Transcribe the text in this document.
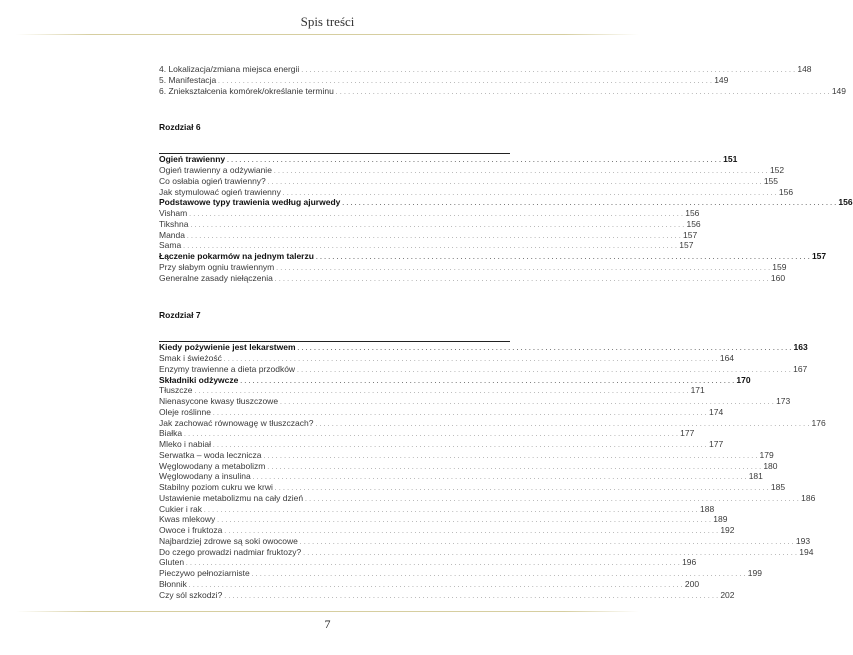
Spis treści
4. Lokalizacja/zmiana miejsca energii . . . . . . . . . . . . . . . . . . . . . . . . . . . . . . . . . . . . . . . . . . . . . . . . . . . . . . . . . . . . . . . . . . . . . . . . . . . . . . . . . . . . . . . . . . . . . . . . . . . . . . . . . . . . . . . . . . . . . . . . 148
5. Manifestacja . . . . . . . . . . . . . . . . . . . . . . . . . . . . . . . . . . . . . . . . . . . . . . . . . . . . . . . . . . . . . . . . . . . . . . . . . . . . . . . . . . . . . . . . . . . . . . . . . . . . . . . . . . . . . . . . . . . . . . . . 149
6. Zniekształcenia komórek/określanie terminu . . . . . . . . . . . . . . . . . . . . . . . . . . . . . . . . . . . . . . . . . . . . . . . . . . . . . . . . . . . . . . . . . . . . . . . . . . . . . . . . . . . . . . . . . . . . . . . . . . . . . . . . . . . . . . . . . . . . . . . . 149
Rozdział 6
Ogień trawienny . . . . . . . . . . . . . . . . . . . . . . . . . . . . . . . . . . . . . . . . . . . . . . . . . . . . . . . . . . . . . . . . . . . . . . . . . . . . . . . . . . . . . . . . . . . . . . . . . . . . . . . . . . . . . . . . . . . . . . . . 151
Ogień trawienny a odżywianie . . . . . . . . . . . . . . . . . . . . . . . . . . . . . . . . . . . . . . . . . . . . . . . . . . . . . . . . . . . . . . . . . . . . . . . . . . . . . . . . . . . . . . . . . . . . . . . . . . . . . . . . . . . . . . . . . . . . . . . . 152
Co osłabia ogień trawienny? . . . . . . . . . . . . . . . . . . . . . . . . . . . . . . . . . . . . . . . . . . . . . . . . . . . . . . . . . . . . . . . . . . . . . . . . . . . . . . . . . . . . . . . . . . . . . . . . . . . . . . . . . . . . . . . . . . . . . . . . 155
Jak stymulować ogień trawienny . . . . . . . . . . . . . . . . . . . . . . . . . . . . . . . . . . . . . . . . . . . . . . . . . . . . . . . . . . . . . . . . . . . . . . . . . . . . . . . . . . . . . . . . . . . . . . . . . . . . . . . . . . . . . . . . . . . . . . . . 156
Podstawowe typy trawienia według ajurwedy . . . . . . . . . . . . . . . . . . . . . . . . . . . . . . . . . . . . . . . . . . . . . . . . . . . . . . . . . . . . . . . . . . . . . . . . . . . . . . . . . . . . . . . . . . . . . . . . . . . . . . . . . . . . . . . . . . . . . . . . 156
Visham . . . . . . . . . . . . . . . . . . . . . . . . . . . . . . . . . . . . . . . . . . . . . . . . . . . . . . . . . . . . . . . . . . . . . . . . . . . . . . . . . . . . . . . . . . . . . . . . . . . . . . . . . . . . . . . . . . . . . . . . 156
Tikshna . . . . . . . . . . . . . . . . . . . . . . . . . . . . . . . . . . . . . . . . . . . . . . . . . . . . . . . . . . . . . . . . . . . . . . . . . . . . . . . . . . . . . . . . . . . . . . . . . . . . . . . . . . . . . . . . . . . . . . . . 156
Manda . . . . . . . . . . . . . . . . . . . . . . . . . . . . . . . . . . . . . . . . . . . . . . . . . . . . . . . . . . . . . . . . . . . . . . . . . . . . . . . . . . . . . . . . . . . . . . . . . . . . . . . . . . . . . . . . . . . . . . . . 157
Sama . . . . . . . . . . . . . . . . . . . . . . . . . . . . . . . . . . . . . . . . . . . . . . . . . . . . . . . . . . . . . . . . . . . . . . . . . . . . . . . . . . . . . . . . . . . . . . . . . . . . . . . . . . . . . . . . . . . . . . . . 157
Łączenie pokarmów na jednym talerzu . . . . . . . . . . . . . . . . . . . . . . . . . . . . . . . . . . . . . . . . . . . . . . . . . . . . . . . . . . . . . . . . . . . . . . . . . . . . . . . . . . . . . . . . . . . . . . . . . . . . . . . . . . . . . . . . . . . . . . . . 157
Przy słabym ogniu trawiennym . . . . . . . . . . . . . . . . . . . . . . . . . . . . . . . . . . . . . . . . . . . . . . . . . . . . . . . . . . . . . . . . . . . . . . . . . . . . . . . . . . . . . . . . . . . . . . . . . . . . . . . . . . . . . . . . . . . . . . . . 159
Generalne zasady niełączenia . . . . . . . . . . . . . . . . . . . . . . . . . . . . . . . . . . . . . . . . . . . . . . . . . . . . . . . . . . . . . . . . . . . . . . . . . . . . . . . . . . . . . . . . . . . . . . . . . . . . . . . . . . . . . . . . . . . . . . . . 160
Rozdział 7
Kiedy pożywienie jest lekarstwem . . . . . . . . . . . . . . . . . . . . . . . . . . . . . . . . . . . . . . . . . . . . . . . . . . . . . . . . . . . . . . . . . . . . . . . . . . . . . . . . . . . . . . . . . . . . . . . . . . . . . . . . . . . . . . . . . . . . . . . . 163
Smak i świeżość . . . . . . . . . . . . . . . . . . . . . . . . . . . . . . . . . . . . . . . . . . . . . . . . . . . . . . . . . . . . . . . . . . . . . . . . . . . . . . . . . . . . . . . . . . . . . . . . . . . . . . . . . . . . . . . . . . . . . . . . 164
Enzymy trawienne a dieta przodków . . . . . . . . . . . . . . . . . . . . . . . . . . . . . . . . . . . . . . . . . . . . . . . . . . . . . . . . . . . . . . . . . . . . . . . . . . . . . . . . . . . . . . . . . . . . . . . . . . . . . . . . . . . . . . . . . . . . . . . . 167
Składniki odżywcze . . . . . . . . . . . . . . . . . . . . . . . . . . . . . . . . . . . . . . . . . . . . . . . . . . . . . . . . . . . . . . . . . . . . . . . . . . . . . . . . . . . . . . . . . . . . . . . . . . . . . . . . . . . . . . . . . . . . . . . . 170
Tłuszcze . . . . . . . . . . . . . . . . . . . . . . . . . . . . . . . . . . . . . . . . . . . . . . . . . . . . . . . . . . . . . . . . . . . . . . . . . . . . . . . . . . . . . . . . . . . . . . . . . . . . . . . . . . . . . . . . . . . . . . . . 171
Nienasycone kwasy tłuszczowe . . . . . . . . . . . . . . . . . . . . . . . . . . . . . . . . . . . . . . . . . . . . . . . . . . . . . . . . . . . . . . . . . . . . . . . . . . . . . . . . . . . . . . . . . . . . . . . . . . . . . . . . . . . . . . . . . . . . . . . . 173
Oleje roślinne . . . . . . . . . . . . . . . . . . . . . . . . . . . . . . . . . . . . . . . . . . . . . . . . . . . . . . . . . . . . . . . . . . . . . . . . . . . . . . . . . . . . . . . . . . . . . . . . . . . . . . . . . . . . . . . . . . . . . . . . 174
Jak zachować równowagę w tłuszczach? . . . . . . . . . . . . . . . . . . . . . . . . . . . . . . . . . . . . . . . . . . . . . . . . . . . . . . . . . . . . . . . . . . . . . . . . . . . . . . . . . . . . . . . . . . . . . . . . . . . . . . . . . . . . . . . . . . . . . . . . 176
Białka . . . . . . . . . . . . . . . . . . . . . . . . . . . . . . . . . . . . . . . . . . . . . . . . . . . . . . . . . . . . . . . . . . . . . . . . . . . . . . . . . . . . . . . . . . . . . . . . . . . . . . . . . . . . . . . . . . . . . . . . 177
Mleko i nabiał . . . . . . . . . . . . . . . . . . . . . . . . . . . . . . . . . . . . . . . . . . . . . . . . . . . . . . . . . . . . . . . . . . . . . . . . . . . . . . . . . . . . . . . . . . . . . . . . . . . . . . . . . . . . . . . . . . . . . . . . 177
Serwatka – woda lecznicza . . . . . . . . . . . . . . . . . . . . . . . . . . . . . . . . . . . . . . . . . . . . . . . . . . . . . . . . . . . . . . . . . . . . . . . . . . . . . . . . . . . . . . . . . . . . . . . . . . . . . . . . . . . . . . . . . . . . . . . . 179
Węglowodany a metabolizm . . . . . . . . . . . . . . . . . . . . . . . . . . . . . . . . . . . . . . . . . . . . . . . . . . . . . . . . . . . . . . . . . . . . . . . . . . . . . . . . . . . . . . . . . . . . . . . . . . . . . . . . . . . . . . . . . . . . . . . . 180
Węglowodany a insulina . . . . . . . . . . . . . . . . . . . . . . . . . . . . . . . . . . . . . . . . . . . . . . . . . . . . . . . . . . . . . . . . . . . . . . . . . . . . . . . . . . . . . . . . . . . . . . . . . . . . . . . . . . . . . . . . . . . . . . . . 181
Stabilny poziom cukru we krwi . . . . . . . . . . . . . . . . . . . . . . . . . . . . . . . . . . . . . . . . . . . . . . . . . . . . . . . . . . . . . . . . . . . . . . . . . . . . . . . . . . . . . . . . . . . . . . . . . . . . . . . . . . . . . . . . . . . . . . . . 185
Ustawienie metabolizmu na cały dzień . . . . . . . . . . . . . . . . . . . . . . . . . . . . . . . . . . . . . . . . . . . . . . . . . . . . . . . . . . . . . . . . . . . . . . . . . . . . . . . . . . . . . . . . . . . . . . . . . . . . . . . . . . . . . . . . . . . . . . . . 186
Cukier i rak . . . . . . . . . . . . . . . . . . . . . . . . . . . . . . . . . . . . . . . . . . . . . . . . . . . . . . . . . . . . . . . . . . . . . . . . . . . . . . . . . . . . . . . . . . . . . . . . . . . . . . . . . . . . . . . . . . . . . . . . 188
Kwas mlekowy . . . . . . . . . . . . . . . . . . . . . . . . . . . . . . . . . . . . . . . . . . . . . . . . . . . . . . . . . . . . . . . . . . . . . . . . . . . . . . . . . . . . . . . . . . . . . . . . . . . . . . . . . . . . . . . . . . . . . . . . 189
Owoce i fruktoza . . . . . . . . . . . . . . . . . . . . . . . . . . . . . . . . . . . . . . . . . . . . . . . . . . . . . . . . . . . . . . . . . . . . . . . . . . . . . . . . . . . . . . . . . . . . . . . . . . . . . . . . . . . . . . . . . . . . . . . . 192
Najbardziej zdrowe są soki owocowe . . . . . . . . . . . . . . . . . . . . . . . . . . . . . . . . . . . . . . . . . . . . . . . . . . . . . . . . . . . . . . . . . . . . . . . . . . . . . . . . . . . . . . . . . . . . . . . . . . . . . . . . . . . . . . . . . . . . . . . . 193
Do czego prowadzi nadmiar fruktozy? . . . . . . . . . . . . . . . . . . . . . . . . . . . . . . . . . . . . . . . . . . . . . . . . . . . . . . . . . . . . . . . . . . . . . . . . . . . . . . . . . . . . . . . . . . . . . . . . . . . . . . . . . . . . . . . . . . . . . . . . 194
Gluten . . . . . . . . . . . . . . . . . . . . . . . . . . . . . . . . . . . . . . . . . . . . . . . . . . . . . . . . . . . . . . . . . . . . . . . . . . . . . . . . . . . . . . . . . . . . . . . . . . . . . . . . . . . . . . . . . . . . . . . . 196
Pieczywo pełnoziarniste . . . . . . . . . . . . . . . . . . . . . . . . . . . . . . . . . . . . . . . . . . . . . . . . . . . . . . . . . . . . . . . . . . . . . . . . . . . . . . . . . . . . . . . . . . . . . . . . . . . . . . . . . . . . . . . . . . . . . . . . 199
Błonnik . . . . . . . . . . . . . . . . . . . . . . . . . . . . . . . . . . . . . . . . . . . . . . . . . . . . . . . . . . . . . . . . . . . . . . . . . . . . . . . . . . . . . . . . . . . . . . . . . . . . . . . . . . . . . . . . . . . . . . . . 200
Czy sól szkodzi? . . . . . . . . . . . . . . . . . . . . . . . . . . . . . . . . . . . . . . . . . . . . . . . . . . . . . . . . . . . . . . . . . . . . . . . . . . . . . . . . . . . . . . . . . . . . . . . . . . . . . . . . . . . . . . . . . . . . . . . . 202
7
